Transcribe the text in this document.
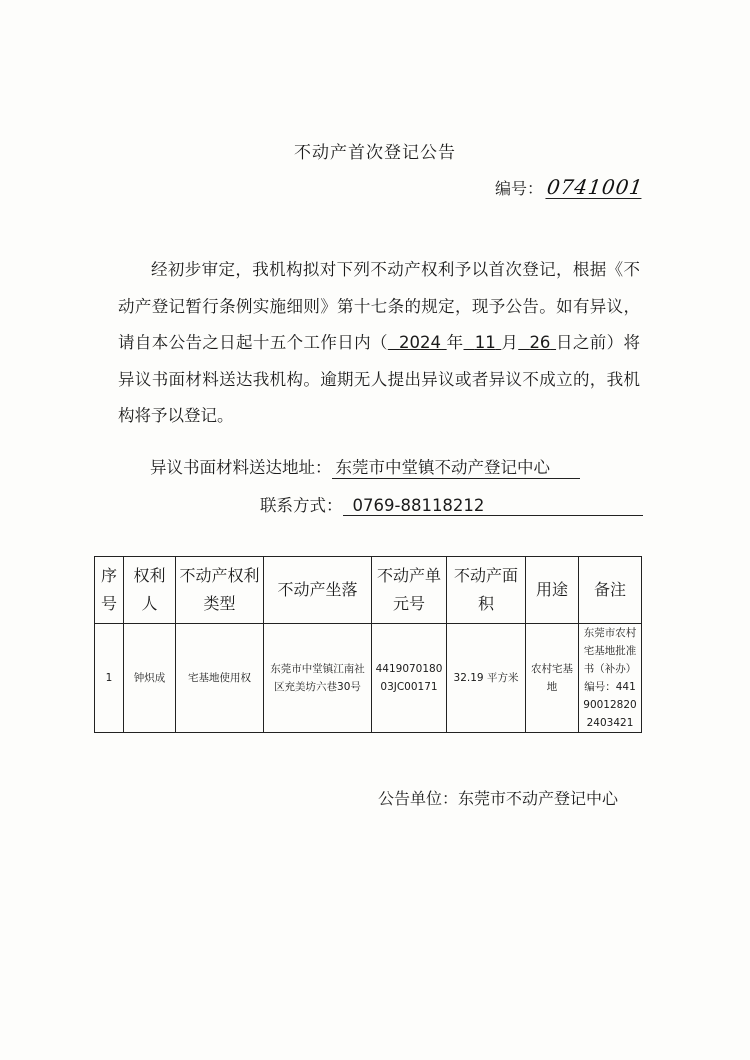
不动产首次登记公告
编号： 0741001

经初步审定，我机构拟对下列不动产权利予以首次登记，根据《不动产登记暂行条例实施细则》第十七条的规定，现予公告。如有异议，请自本公告之日起十五个工作日内（ 2024 年 11 月 26 日之前）将异议书面材料送达我机构。逾期无人提出异议或者异议不成立的，我机构将予以登记。

异议书面材料送达地址： 东莞市中堂镇不动产登记中心
联系方式： 0769-88118212
序号	权利人	不动产权利类型	不动产坐落	不动产单元号	不动产面积	用途	备注
1	钟炽成	宅基地使用权	东莞市中堂镇江南社区充美坊六巷30号	441907018003JC00171	32.19 平方米	农村宅基地	东莞市农村宅基地批准书（补办）编号：441900128202403421
公告单位：东莞市不动产登记中心
